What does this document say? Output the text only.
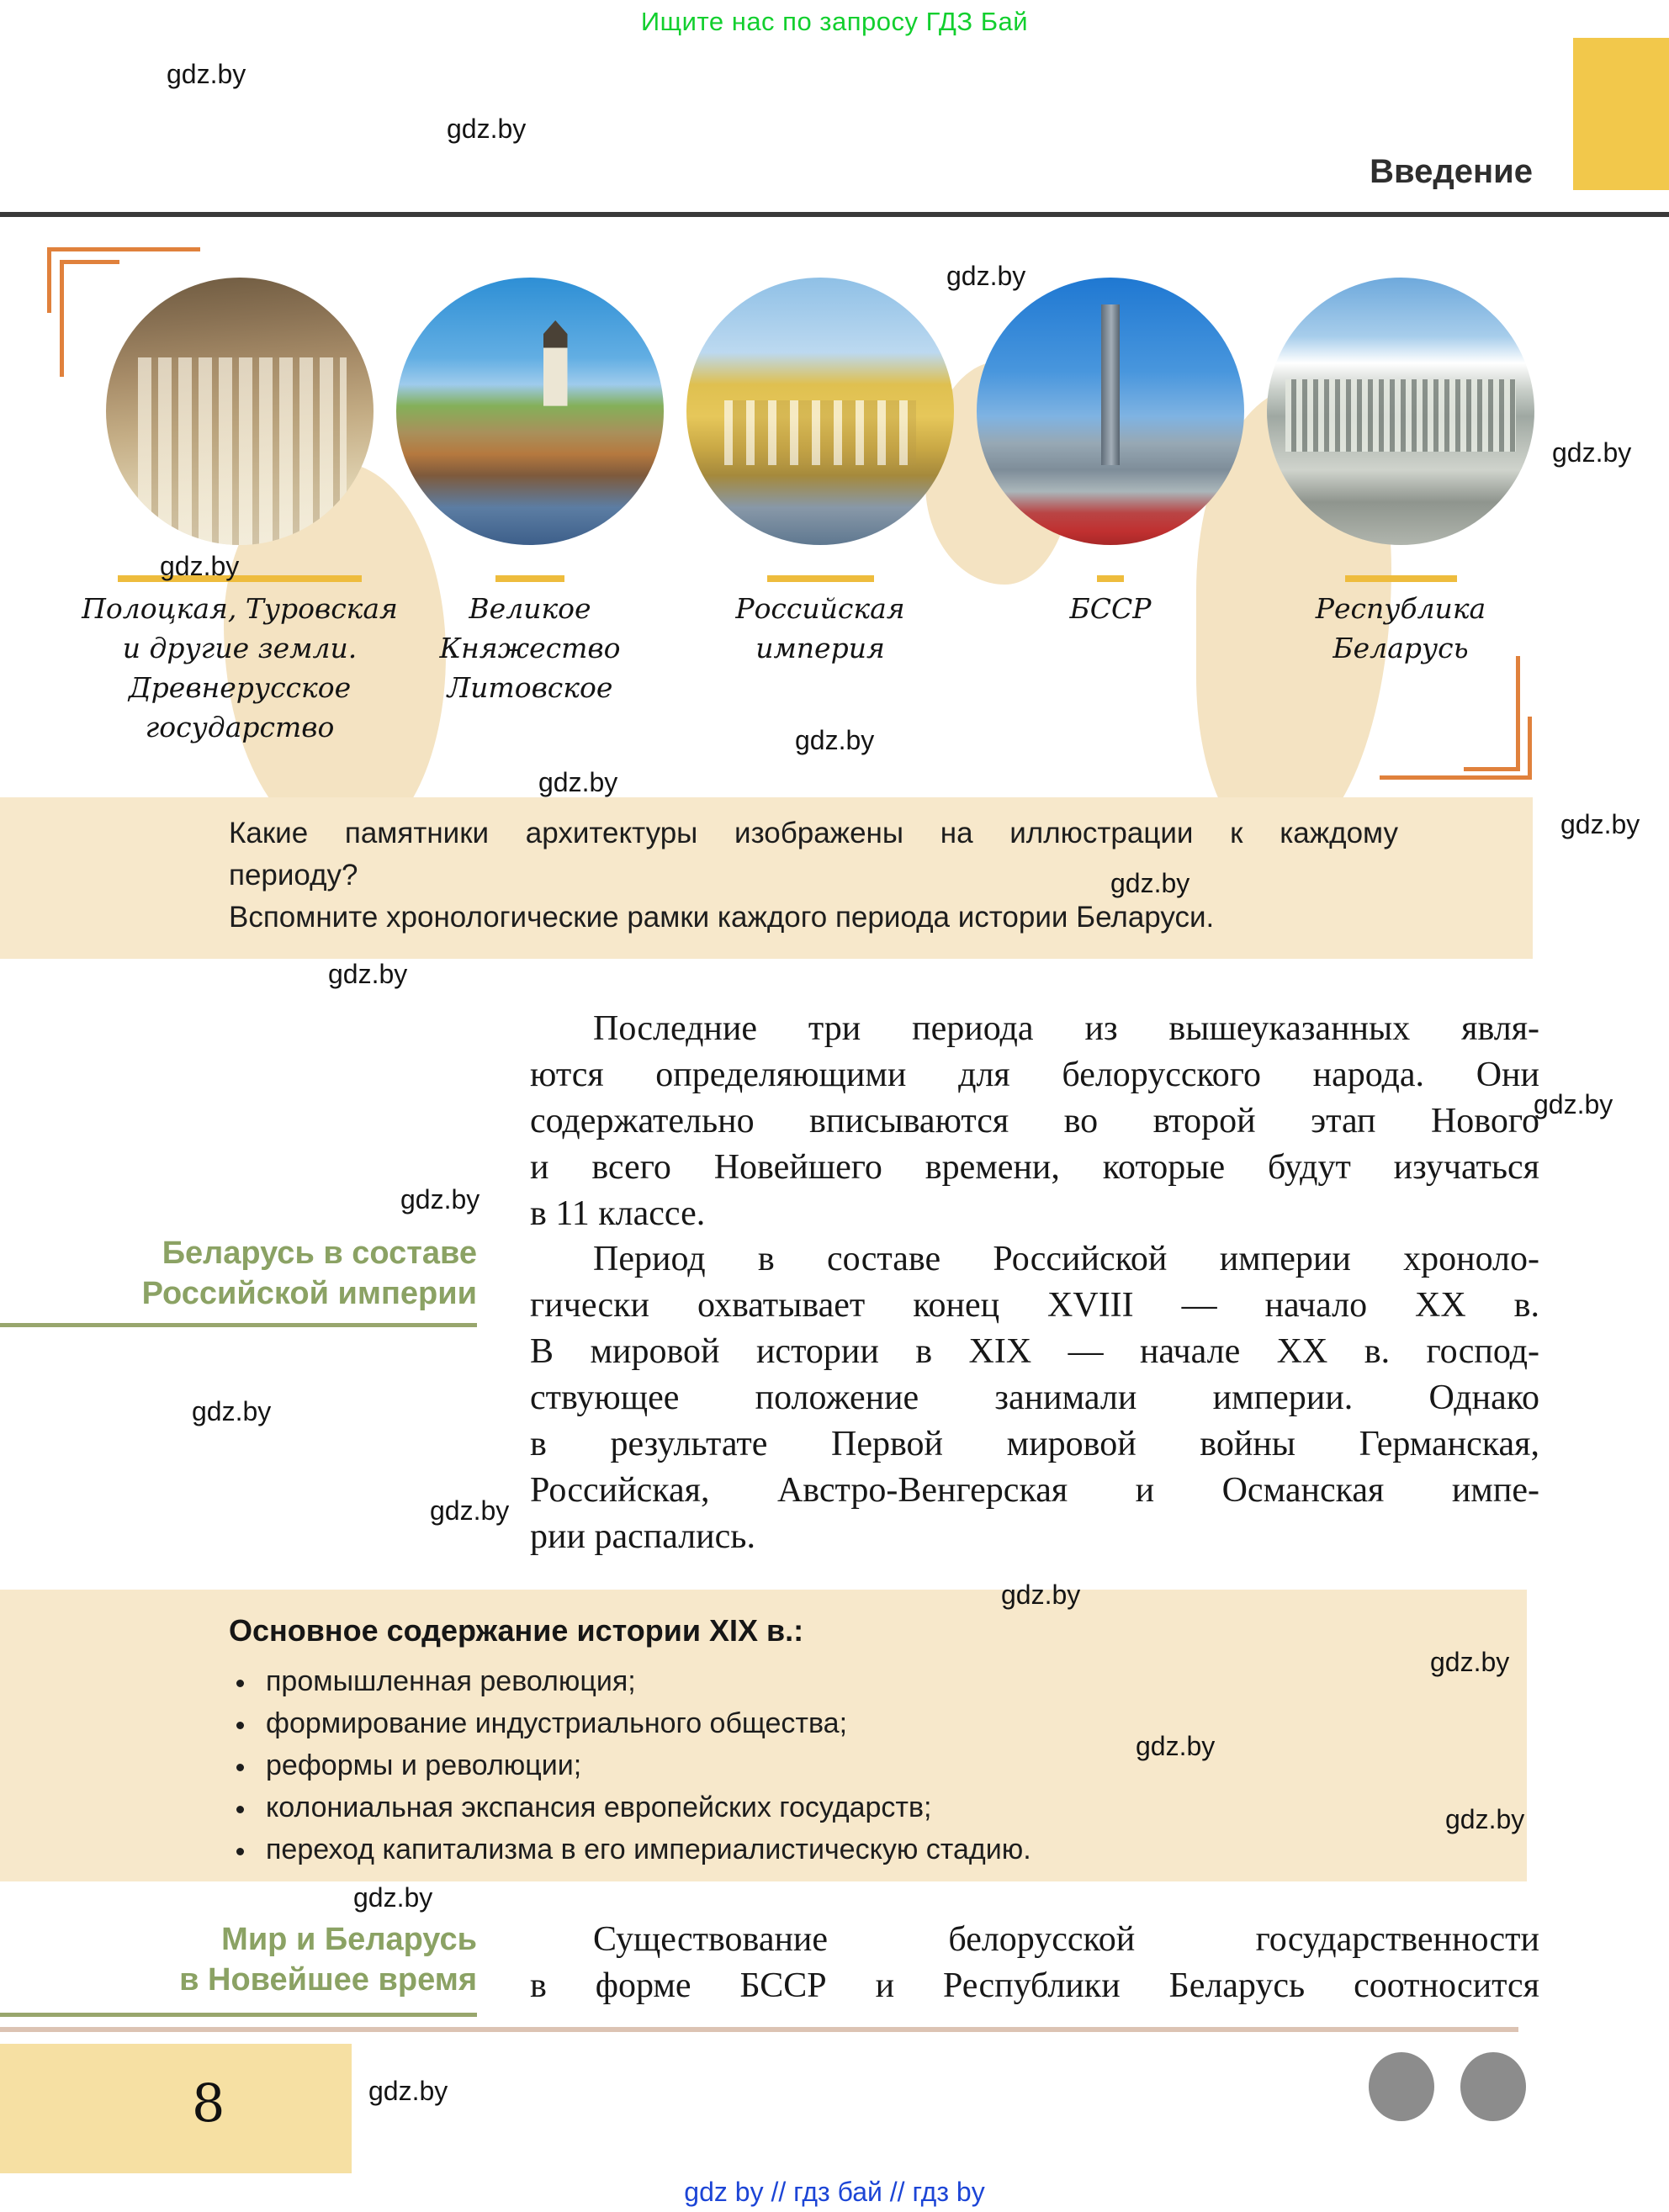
Ищите нас по запросу ГДЗ Бай
Введение
Полоцкая, Туровская
и другие земли.
Древнерусское
государство
Великое
Княжество
Литовское
Российская
империя
БССР	Республика
Беларусь
Какие памятники архитектуры изображены на иллюстрации к каждому
периоду?
Вспомните хронологические рамки каждого периода истории Беларуси.
Последние три периода из вышеуказанных явля-
ются определяющими для белорусского народа. Они
содержательно вписываются во второй этап Нового
и всего Новейшего времени, которые будут изучаться
в 11 классе.
Беларусь в составе
Российской империи
Период в составе Российской империи хроноло-
гически охватывает конец XVIII — начало XX в.
В мировой истории в XIX — начале XX в. господ-
ствующее положение занимали империи. Однако
в результате Первой мировой войны Германская,
Российская, Австро-Венгерская и Османская импе-
рии распались.
Основное содержание истории XIX в.:
промышленная революция;
формирование индустриального общества;
реформы и революции;
колониальная экспансия европейских государств;
переход капитализма в его империалистическую стадию.
Мир и Беларусь
в Новейшее время
Существование белорусской государственности
в форме БССР и Республики Беларусь соотносится
8
gdz by // гдз бай // гдз by
gdz.by
gdz.by
gdz.by
gdz.by
gdz.by
gdz.by
gdz.by
gdz.by
gdz.by
gdz.by
gdz.by
gdz.by
gdz.by
gdz.by
gdz.by
gdz.by
gdz.by
gdz.by
gdz.by
gdz.by
